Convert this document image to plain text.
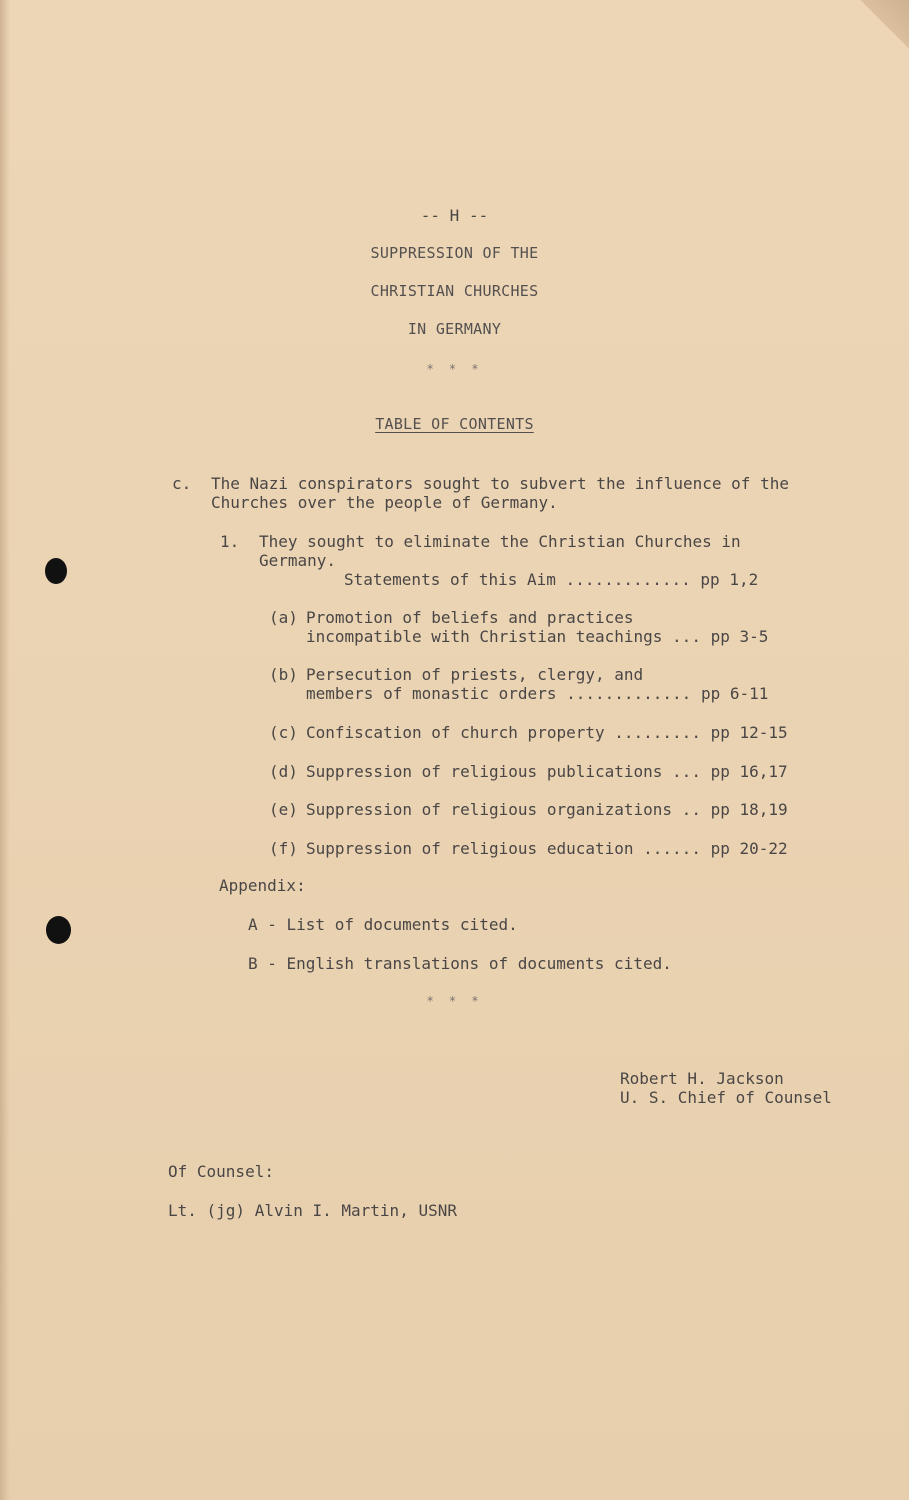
-- H --
SUPPRESSION OF THE
CHRISTIAN CHURCHES
IN GERMANY
* * *
TABLE OF CONTENTS
c. The Nazi conspirators sought to subvert the influence of the
Churches over the people of Germany.
1. They sought to eliminate the Christian Churches in
Germany.
Statements of this Aim ............. pp 1,2
(a) Promotion of beliefs and practices
incompatible with Christian teachings ... pp 3-5
(b) Persecution of priests, clergy, and
members of monastic orders ............. pp 6-11
(c) Confiscation of church property ......... pp 12-15
(d) Suppression of religious publications ... pp 16,17
(e) Suppression of religious organizations .. pp 18,19
(f) Suppression of religious education ...... pp 20-22
Appendix:
A - List of documents cited.
B - English translations of documents cited.
* * *
Robert H. Jackson
U. S. Chief of Counsel
Of Counsel:
Lt. (jg) Alvin I. Martin, USNR
